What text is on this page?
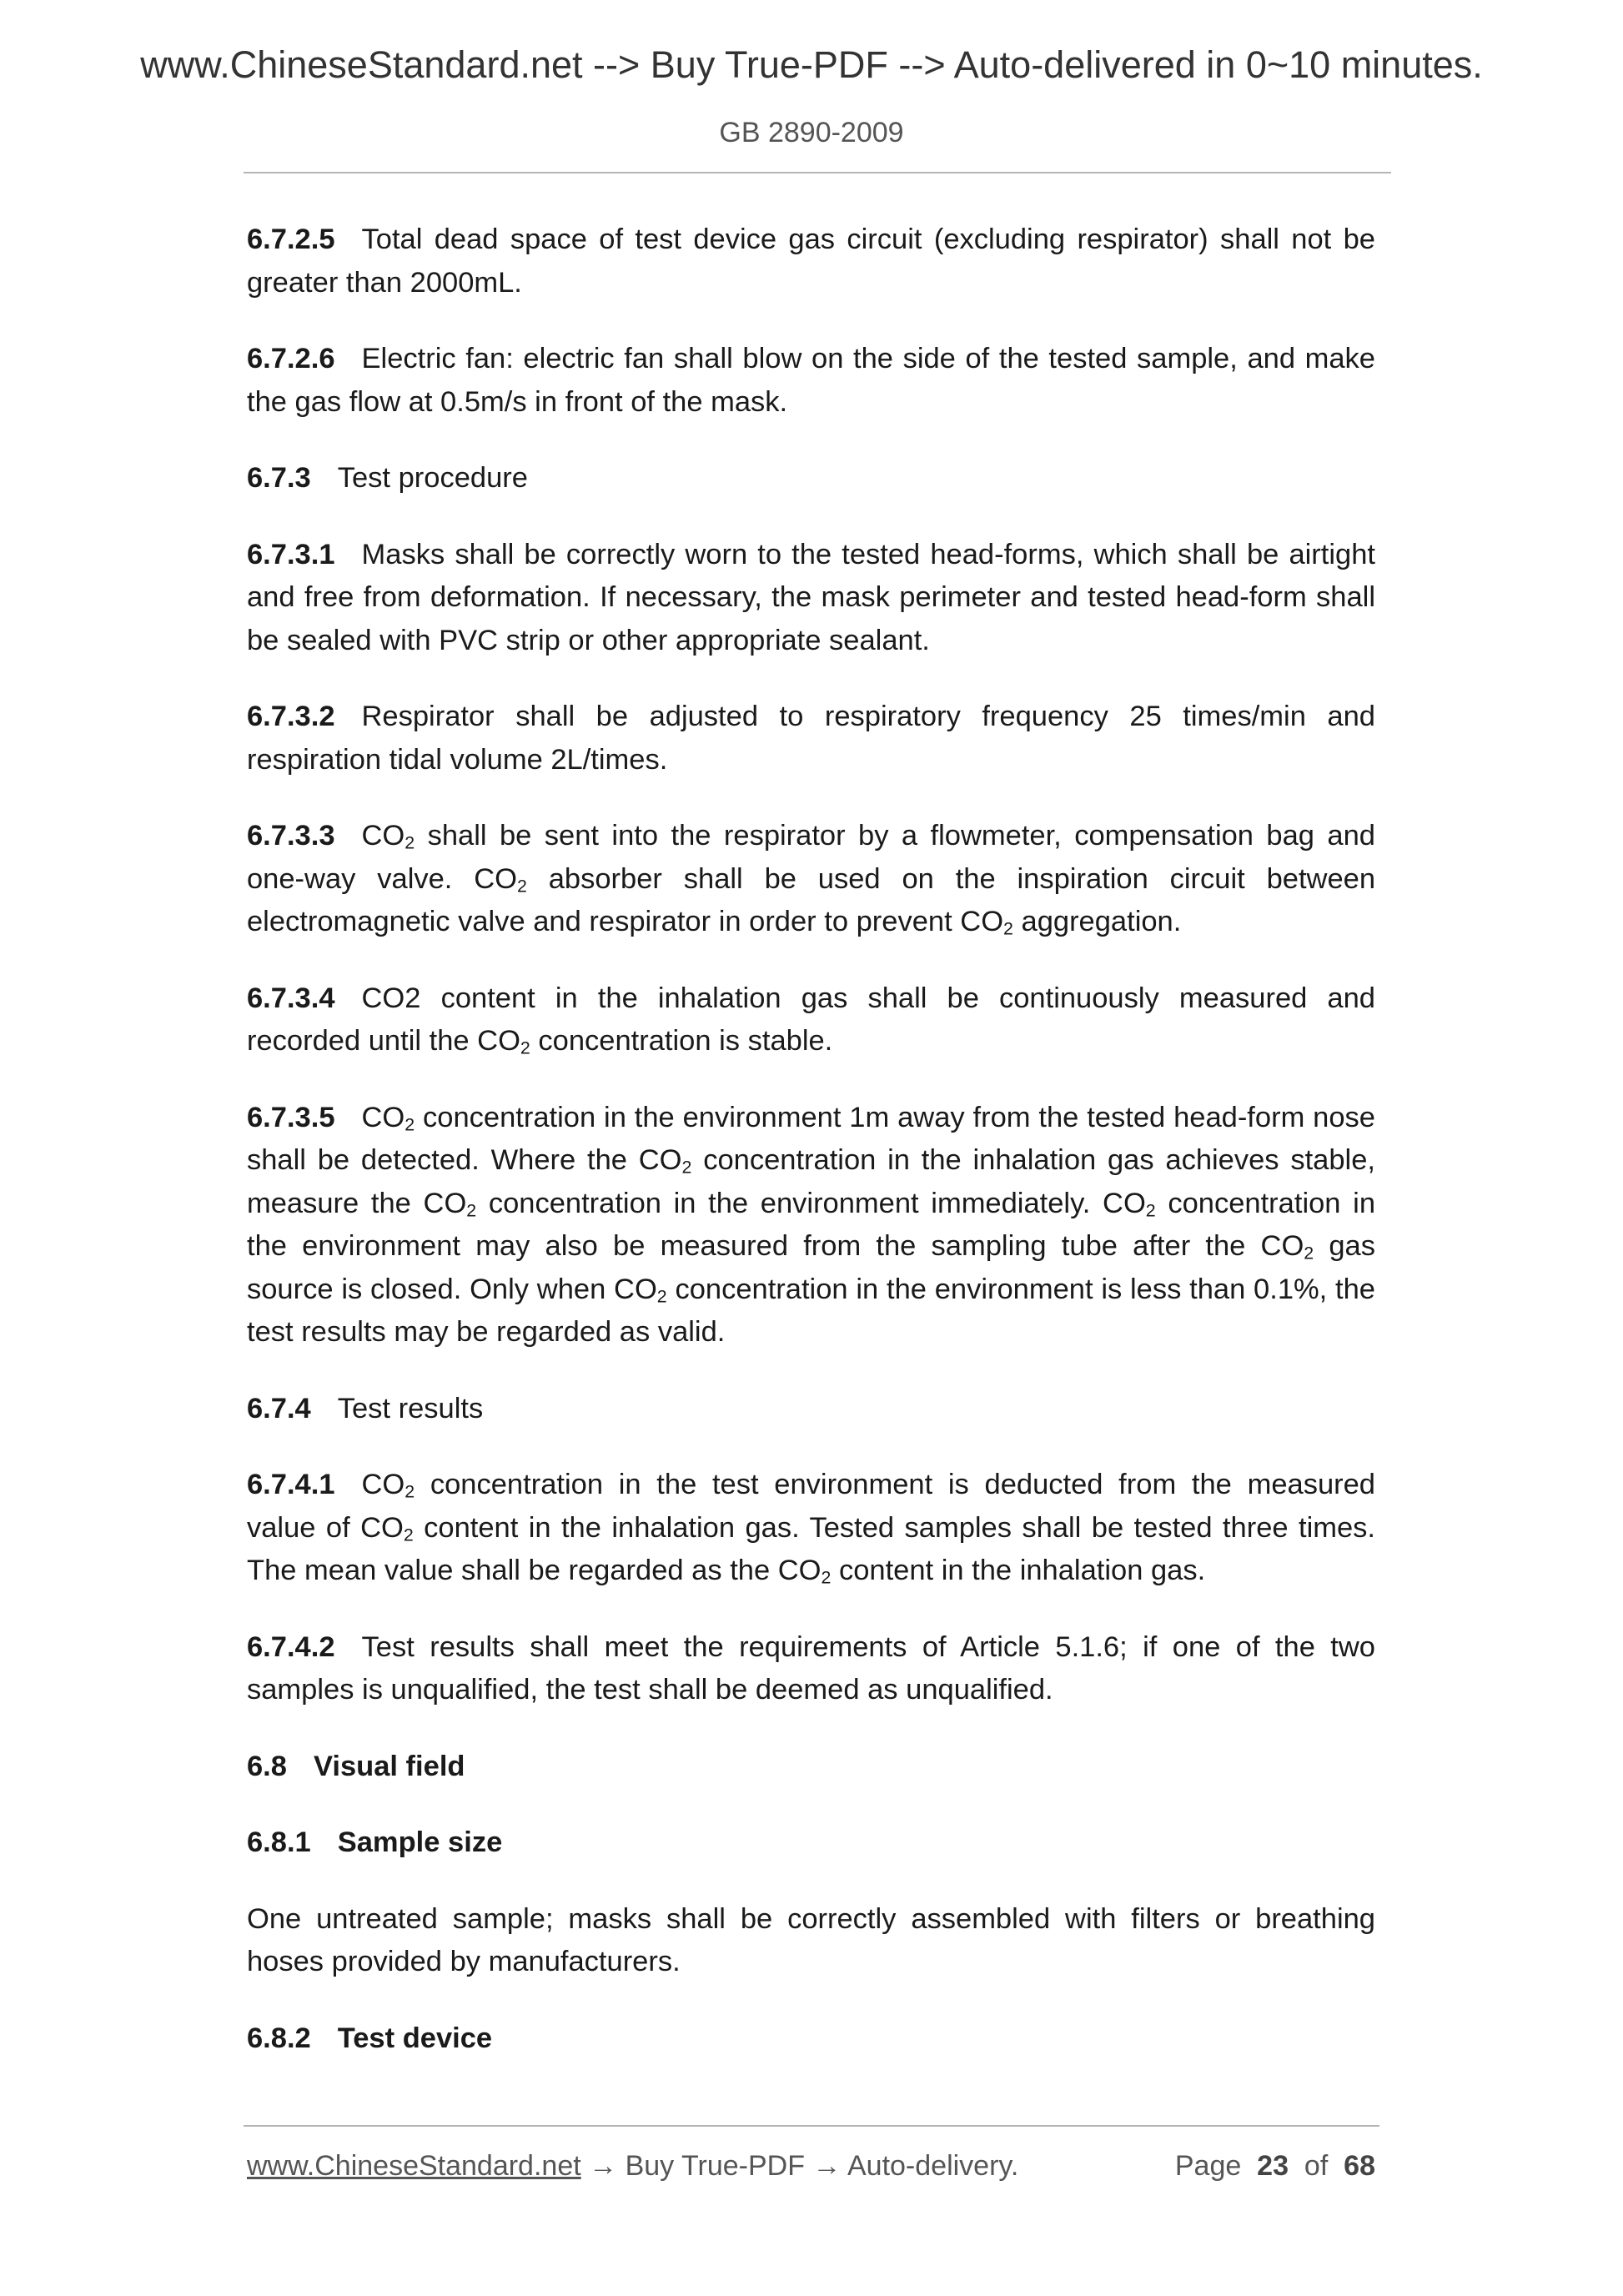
www.ChineseStandard.net --> Buy True-PDF --> Auto-delivered in 0~10 minutes.
GB 2890-2009

6.7.2.5 Total dead space of test device gas circuit (excluding respirator) shall not be greater than 2000mL.

6.7.2.6 Electric fan: electric fan shall blow on the side of the tested sample, and make the gas flow at 0.5m/s in front of the mask.

6.7.3 Test procedure

6.7.3.1 Masks shall be correctly worn to the tested head-forms, which shall be airtight and free from deformation. If necessary, the mask perimeter and tested head-form shall be sealed with PVC strip or other appropriate sealant.

6.7.3.2 Respirator shall be adjusted to respiratory frequency 25 times/min and respiration tidal volume 2L/times.

6.7.3.3 $CO_2$ shall be sent into the respirator by a flowmeter, compensation bag and one-way valve. $CO_2$ absorber shall be used on the inspiration circuit between electromagnetic valve and respirator in order to prevent $CO_2$ aggregation.

6.7.3.4 CO2 content in the inhalation gas shall be continuously measured and recorded until the $CO_2$ concentration is stable.

6.7.3.5 $CO_2$ concentration in the environment 1m away from the tested head-form nose shall be detected. Where the $CO_2$ concentration in the inhalation gas achieves stable, measure the $CO_2$ concentration in the environment immediately. $CO_2$ concentration in the environment may also be measured from the sampling tube after the $CO_2$ gas source is closed. Only when $CO_2$ concentration in the environment is less than 0.1%, the test results may be regarded as valid.

6.7.4 Test results

6.7.4.1 $CO_2$ concentration in the test environment is deducted from the measured value of $CO_2$ content in the inhalation gas. Tested samples shall be tested three times. The mean value shall be regarded as the $CO_2$ content in the inhalation gas.

6.7.4.2 Test results shall meet the requirements of Article 5.1.6; if one of the two samples is unqualified, the test shall be deemed as unqualified.

6.8 Visual field

6.8.1 Sample size

One untreated sample; masks shall be correctly assembled with filters or breathing hoses provided by manufacturers.

6.8.2 Test device

www.ChineseStandard.net → Buy True-PDF → Auto-delivery.	Page 23 of 68
